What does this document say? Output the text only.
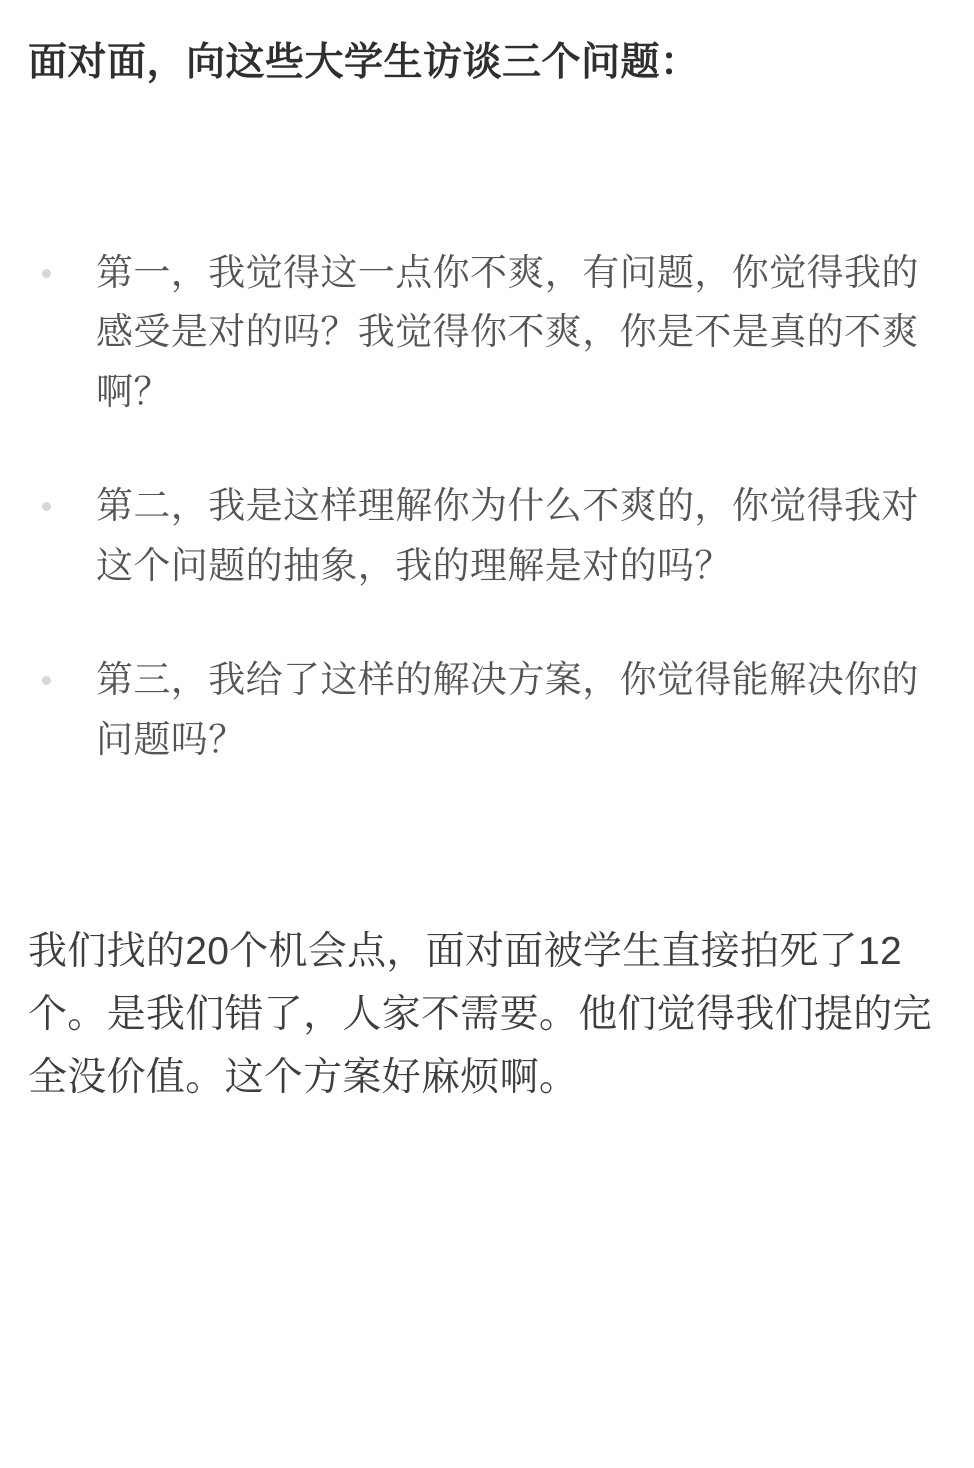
面对面，向这些大学生访谈三个问题：

第一，我觉得这一点你不爽，有问题，你觉得我的感受是对的吗？我觉得你不爽，你是不是真的不爽啊？
第二，我是这样理解你为什么不爽的，你觉得我对这个问题的抽象，我的理解是对的吗？
第三，我给了这样的解决方案，你觉得能解决你的问题吗？

我们找的20个机会点，面对面被学生直接拍死了12个。是我们错了，人家不需要。他们觉得我们提的完全没价值。这个方案好麻烦啊。
